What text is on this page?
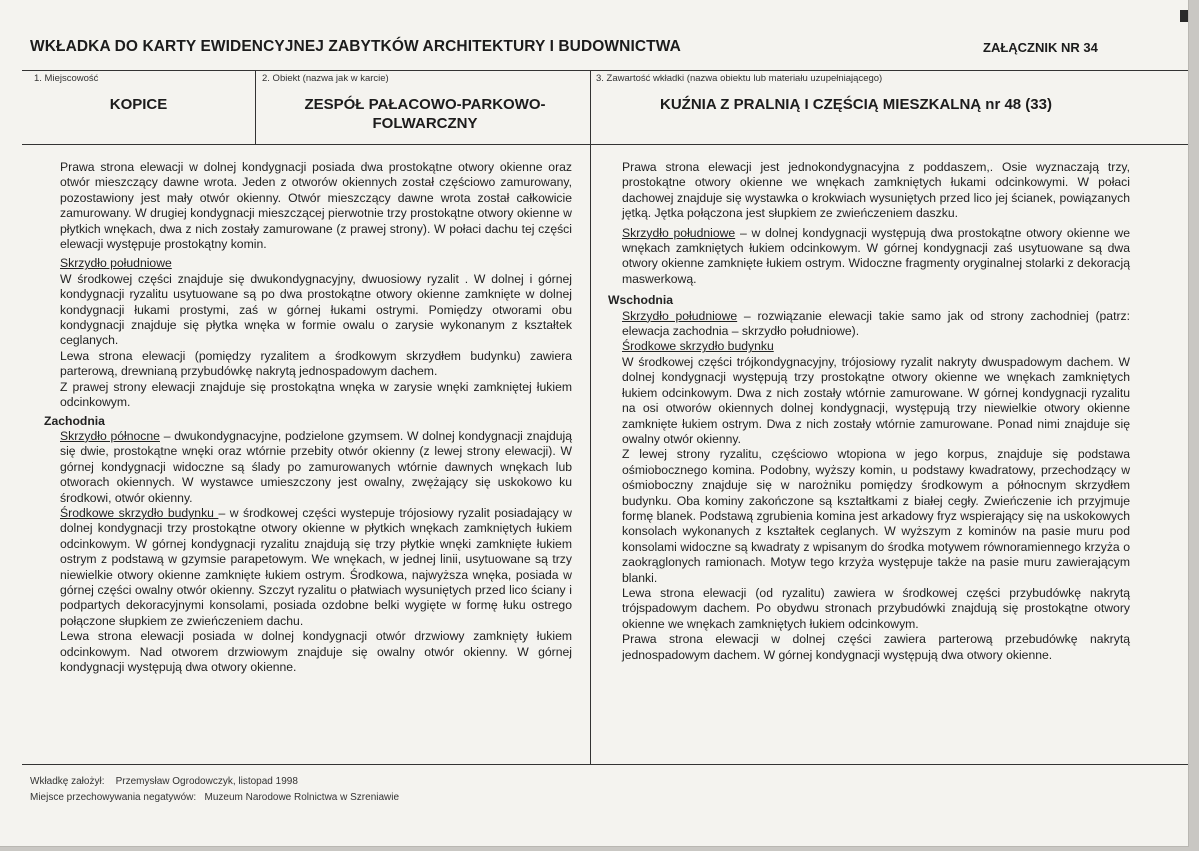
WKŁADKA DO KARTY EWIDENCYJNEJ ZABYTKÓW ARCHITEKTURY I BUDOWNICTWA	ZAŁĄCZNIK NR 34
1. Miejscowość
KOPICE
2. Obiekt (nazwa jak w karcie)
ZESPÓŁ PAŁACOWO-PARKOWO-FOLWARCZNY
3. Zawartość wkładki (nazwa obiektu lub materiału uzupełniającego)
KUŹNIA Z PRALNIĄ I CZĘŚCIĄ MIESZKALNĄ nr 48 (33)

Prawa strona elewacji w dolnej kondygnacji posiada dwa prostokątne otwory okienne oraz otwór mieszczący dawne wrota. Jeden z otworów okiennych został częściowo zamurowany, pozostawiony jest mały otwór okienny. Otwór mieszczący dawne wrota został całkowicie zamurowany. W drugiej kondygnacji mieszczącej pierwotnie trzy prostokątne otwory okienne w płytkich wnękach, dwa z nich zostały zamurowane (z prawej strony). W połaci dachu tej części elewacji występuje prostokątny komin.

Skrzydło południowe

W środkowej części znajduje się dwukondygnacyjny, dwuosiowy ryzalit . W dolnej i górnej kondygnacji ryzalitu usytuowane są po dwa prostokątne otwory okienne zamknięte w dolnej kondygnacji łukami prostymi, zaś w górnej łukami ostrymi. Pomiędzy otworami obu kondygnacji znajduje się płytka wnęka w formie owalu o zarysie wykonanym z kształtek ceglanych.

Lewa strona elewacji (pomiędzy ryzalitem a środkowym skrzydłem budynku) zawiera parterową, drewnianą przybudówkę nakrytą jednospadowym dachem.

Z prawej strony elewacji znajduje się prostokątna wnęka w zarysie wnęki zamkniętej łukiem odcinkowym.

Zachodnia

Skrzydło północne – dwukondygnacyjne, podzielone gzymsem. W dolnej kondygnacji znajdują się dwie, prostokątne wnęki oraz wtórnie przebity otwór okienny (z lewej strony elewacji). W górnej kondygnacji widoczne są ślady po zamurowanych wtórnie dawnych wnękach lub otworach okiennych. W wystawce umieszczony jest owalny, zwężający się uskokowo ku środkowi, otwór okienny.

Środkowe skrzydło budynku – w środkowej części wystepuje trójosiowy ryzalit posiadający w dolnej kondygnacji trzy prostokątne otwory okienne w płytkich wnękach zamkniętych łukiem odcinkowym. W górnej kondygnacji ryzalitu znajdują się trzy płytkie wnęki zamknięte łukiem ostrym z podstawą w gzymsie parapetowym. We wnękach, w jednej linii, usytuowane są trzy niewielkie otwory okienne zamknięte łukiem ostrym. Środkowa, najwyższa wnęka, posiada w górnej części owalny otwór okienny. Szczyt ryzalitu o płatwiach wysuniętych przed lico ściany i podpartych dekoracyjnymi konsolami, posiada ozdobne belki wygięte w formę łuku ostrego połączone słupkiem ze zwieńczeniem dachu.

Lewa strona elewacji posiada w dolnej kondygnacji otwór drzwiowy zamknięty łukiem odcinkowym. Nad otworem drzwiowym znajduje się owalny otwór okienny. W górnej kondygnacji występują dwa otwory okienne.

Prawa strona elewacji jest jednokondygnacyjna z poddaszem,. Osie wyznaczają trzy, prostokątne otwory okienne we wnękach zamkniętych łukami odcinkowymi. W połaci dachowej znajduje się wystawka o krokwiach wysuniętych przed lico jej ścianek, powiązanych jętką. Jętka połączona jest słupkiem ze zwieńczeniem daszku.

Skrzydło południowe – w dolnej kondygnacji występują dwa prostokątne otwory okienne we wnękach zamkniętych łukiem odcinkowym. W górnej kondygnacji zaś usytuowane są dwa otwory okienne zamknięte łukiem ostrym. Widoczne fragmenty oryginalnej stolarki z dekoracją maswerkową.

Wschodnia

Skrzydło południowe – rozwiązanie elewacji takie samo jak od strony zachodniej (patrz: elewacja zachodnia – skrzydło południowe).

Środkowe skrzydło budynku

W środkowej części trójkondygnacyjny, trójosiowy ryzalit nakryty dwuspadowym dachem. W dolnej kondygnacji występują trzy prostokątne otwory okienne we wnękach zamkniętych łukiem odcinkowym. Dwa z nich zostały wtórnie zamurowane. W górnej kondygnacji ryzalitu na osi otworów okiennych dolnej kondygnacji, występują trzy niewielkie otwory okienne zamknięte łukiem ostrym. Dwa z nich zostały wtórnie zamurowane. Ponad nimi znajduje się owalny otwór okienny.

Z lewej strony ryzalitu, częściowo wtopiona w jego korpus, znajduje się podstawa ośmiobocznego komina. Podobny, wyższy komin, u podstawy kwadratowy, przechodzący w ośmioboczny znajduje się w narożniku pomiędzy środkowym a północnym skrzydłem budynku. Oba kominy zakończone są kształtkami z białej cegły. Zwieńczenie ich przyjmuje formę blanek. Podstawą zgrubienia komina jest arkadowy fryz wspierający się na uskokowych konsolach wykonanych z kształtek ceglanych. W wyższym z kominów na pasie muru pod konsolami widoczne są kwadraty z wpisanym do środka motywem równoramiennego krzyża o zaokrąglonych ramionach. Motyw tego krzyża występuje także na pasie muru zawierającym blanki.

Lewa strona elewacji (od ryzalitu) zawiera w środkowej części przybudówkę nakrytą trójspadowym dachem. Po obydwu stronach przybudówki znajdują się prostokątne otwory okienne we wnękach zamkniętych łukiem odcinkowym.

Prawa strona elewacji w dolnej części zawiera parterową przebudówkę nakrytą jednospadowym dachem. W górnej kondygnacji występują dwa otwory okienne.

Wkładkę założył: Przemysław Ogrodowczyk, listopad 1998
Miejsce przechowywania negatywów: Muzeum Narodowe Rolnictwa w Szreniawie
